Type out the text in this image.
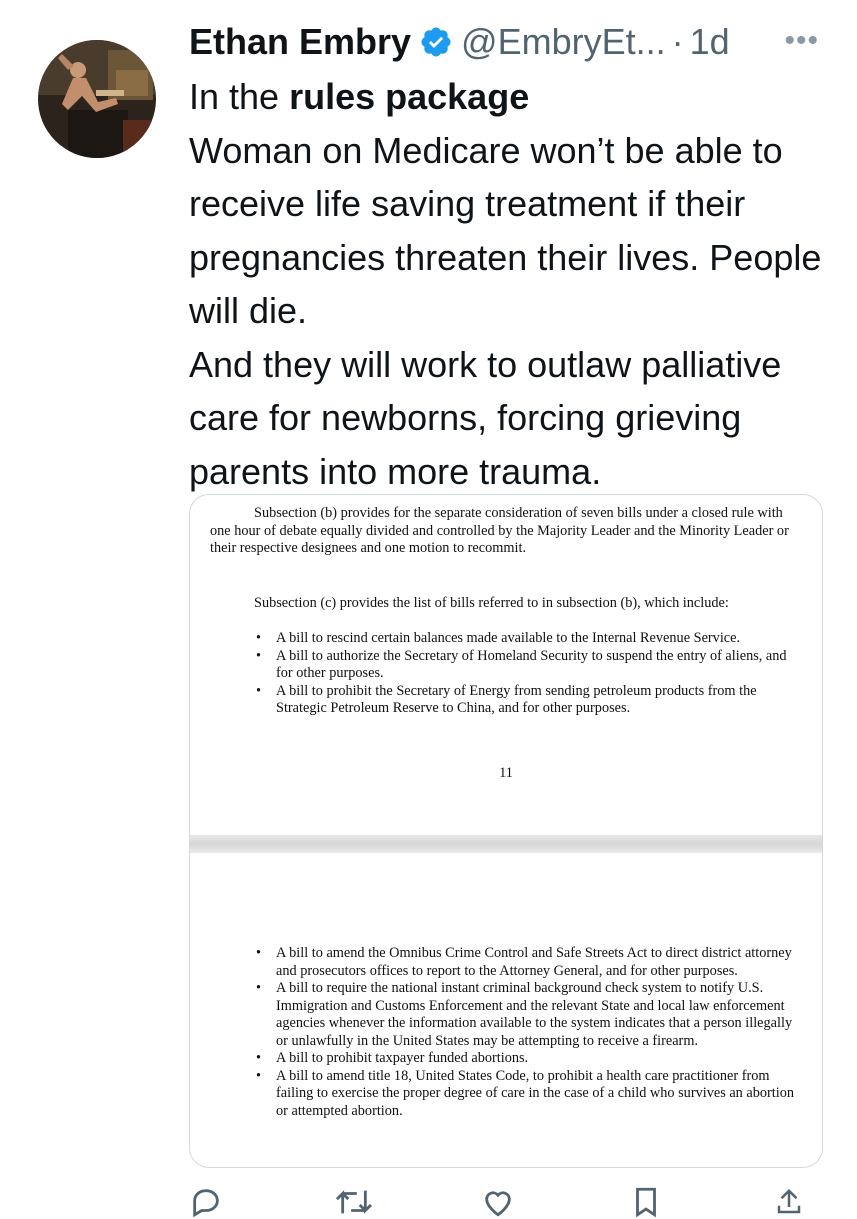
Ethan Embry @EmbryEt... · 1d •••

In the rules package

Woman on Medicare won’t be able to receive life saving treatment if their pregnancies threaten their lives. People will die.

And they will work to outlaw palliative care for newborns, forcing grieving parents into more trauma.

Subsection (b) provides for the separate consideration of seven bills under a closed rule with one hour of debate equally divided and controlled by the Majority Leader and the Minority Leader or their respective designees and one motion to recommit.

Subsection (c) provides the list of bills referred to in subsection (b), which include:

• A bill to rescind certain balances made available to the Internal Revenue Service.
• A bill to authorize the Secretary of Homeland Security to suspend the entry of aliens, and for other purposes.
• A bill to prohibit the Secretary of Energy from sending petroleum products from the Strategic Petroleum Reserve to China, and for other purposes.
11
• A bill to amend the Omnibus Crime Control and Safe Streets Act to direct district attorney and prosecutors offices to report to the Attorney General, and for other purposes.
• A bill to require the national instant criminal background check system to notify U.S. Immigration and Customs Enforcement and the relevant State and local law enforcement agencies whenever the information available to the system indicates that a person illegally or unlawfully in the United States may be attempting to receive a firearm.
• A bill to prohibit taxpayer funded abortions.
• A bill to amend title 18, United States Code, to prohibit a health care practitioner from failing to exercise the proper degree of care in the case of a child who survives an abortion or attempted abortion.
